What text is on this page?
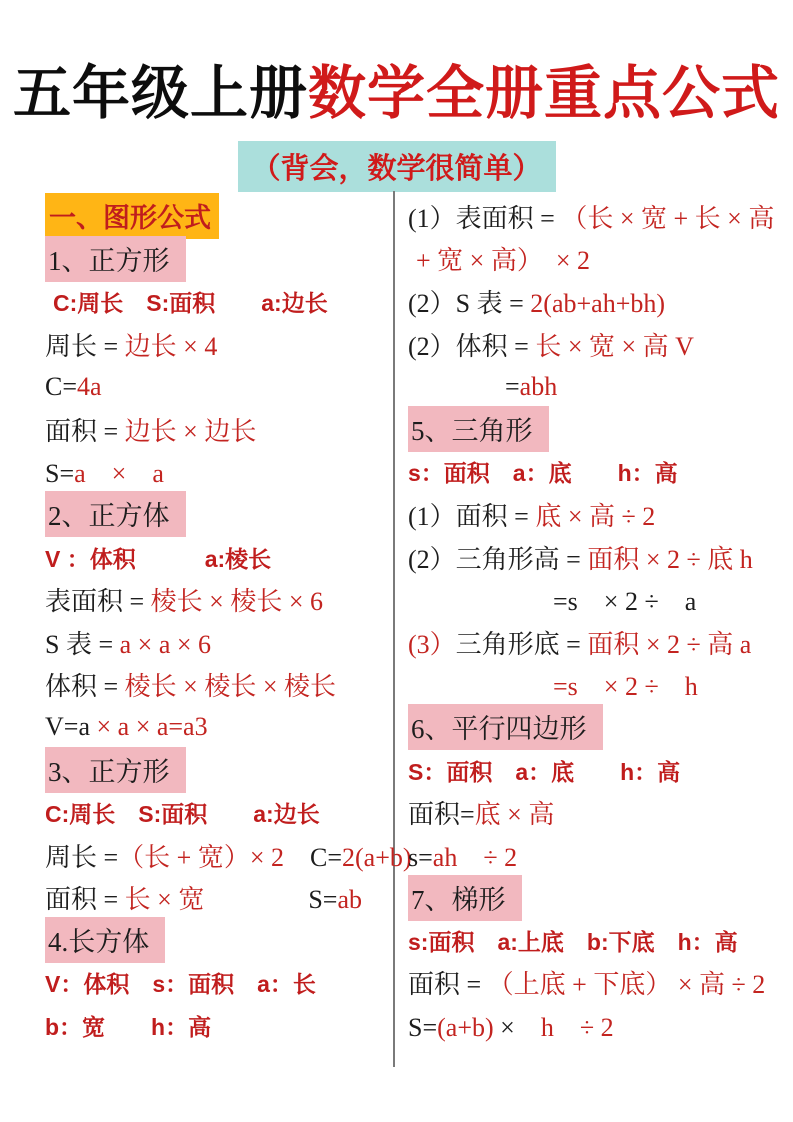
五年级上册数学全册重点公式
（背会，数学很简单）
一、图形公式
1、正方形
C:周长　S:面积　　a:边长
周长 = 边长 × 4
C=4a
面积 = 边长 × 边长
S=a　×　a
2、正方体
V ：体积　　　a:棱长
表面积 = 棱长 × 棱长 × 6
S 表 = a × a × 6
体积 = 棱长 × 棱长 × 棱长
V=a × a × a=a3
3、正方形
C:周长　S:面积　　a:边长
周长 =（长 + 宽）× 2　C=2(a+b)
面积 = 长 × 宽　　　　S=ab
4.长方体
V：体积　s：面积　a：长
b：宽　　h：高
(1）表面积 = （长 × 宽 + 长 × 高
+ 宽 × 高）　× 2
(2）S 表 = 2(ab+ah+bh)
(2）体积 = 长 × 宽 × 高 V
=abh
5、三角形
s：面积　a：底　　h：高
(1）面积 = 底 × 高 ÷ 2
(2）三角形高 = 面积 × 2 ÷ 底 h
=s　× 2 ÷　a
(3）三角形底 = 面积 × 2 ÷ 高 a
=s　× 2 ÷　h
6、平行四边形
S：面积　a：底　　h：高
面积=底 × 高
s=ah　÷ 2
7、梯形
s:面积　a:上底　b:下底　h：高
面积 = （上底 + 下底） × 高 ÷ 2
S=(a+b) ×　h　÷ 2
